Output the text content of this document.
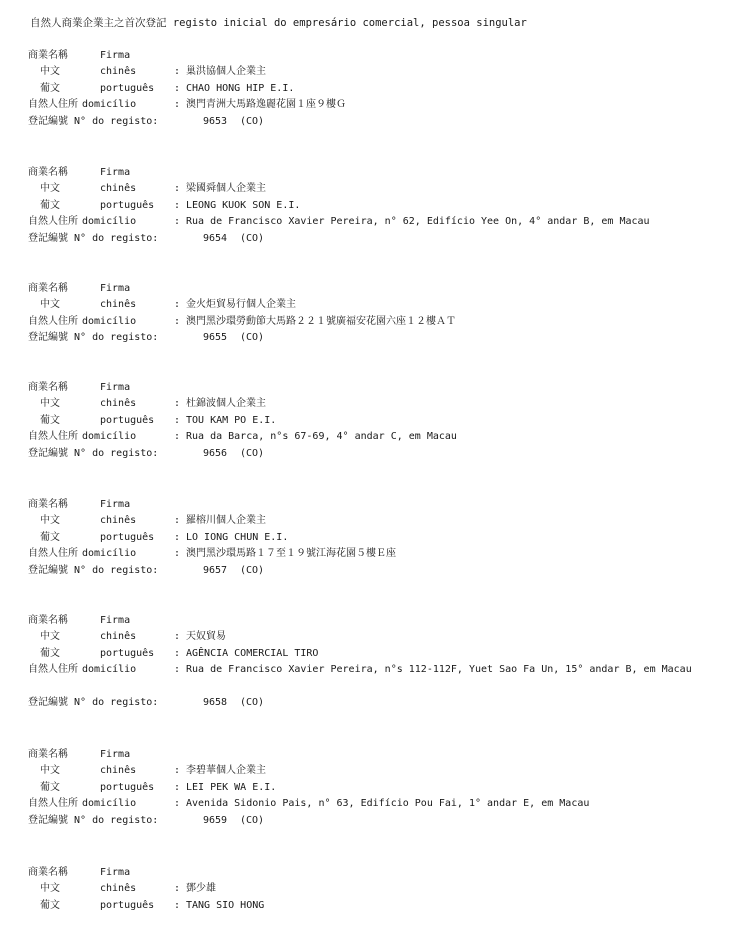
自然人商業企業主之首次登記 registo inicial do empresário comercial, pessoa singular
商業名稱	Firma
中文	chinês	: 巢洪協個人企業主
葡文	português : CHAO HONG HIP E.I.
自然人住所 domicílio	: 澳門青洲大馬路逸麗花園１座９樓Ｇ
登記編號 N° do registo:	9653 (CO)
商業名稱	Firma
中文	chinês	: 梁國舜個人企業主
葡文	português : LEONG KUOK SON E.I.
自然人住所 domicílio	: Rua de Francisco Xavier Pereira, n° 62, Edifício Yee On, 4° andar B, em Macau
登記編號 N° do registo:	9654 (CO)
商業名稱	Firma
中文	chinês	: 金火炬貿易行個人企業主
自然人住所 domicílio	: 澳門黑沙環勞動節大馬路２２１號廣福安花園六座１２樓ＡＴ
登記編號 N° do registo:	9655 (CO)
商業名稱	Firma
中文	chinês	: 杜錦波個人企業主
葡文	português : TOU KAM PO E.I.
自然人住所 domicílio	: Rua da Barca, n°s 67-69, 4° andar C, em Macau
登記編號 N° do registo:	9656 (CO)
商業名稱	Firma
中文	chinês	: 羅榕川個人企業主
葡文	português : LO IONG CHUN E.I.
自然人住所 domicílio	: 澳門黑沙環馬路１７至１９號江海花園５樓Ｅ座
登記編號 N° do registo:	9657 (CO)
商業名稱	Firma
中文	chinês	: 天奴貿易
葡文	português : AGÊNCIA COMERCIAL TIRO
自然人住所 domicílio	: Rua de Francisco Xavier Pereira, n°s 112-112F, Yuet Sao Fa Un, 15° andar B, em Macau
登記編號 N° do registo:	9658 (CO)
商業名稱	Firma
中文	chinês	: 李碧華個人企業主
葡文	português : LEI PEK WA E.I.
自然人住所 domicílio	: Avenida Sidonio Pais, n° 63, Edifício Pou Fai, 1° andar E, em Macau
登記編號 N° do registo:	9659 (CO)
商業名稱	Firma
中文	chinês	: 鄧少雄
葡文	português : TANG SIO HONG
